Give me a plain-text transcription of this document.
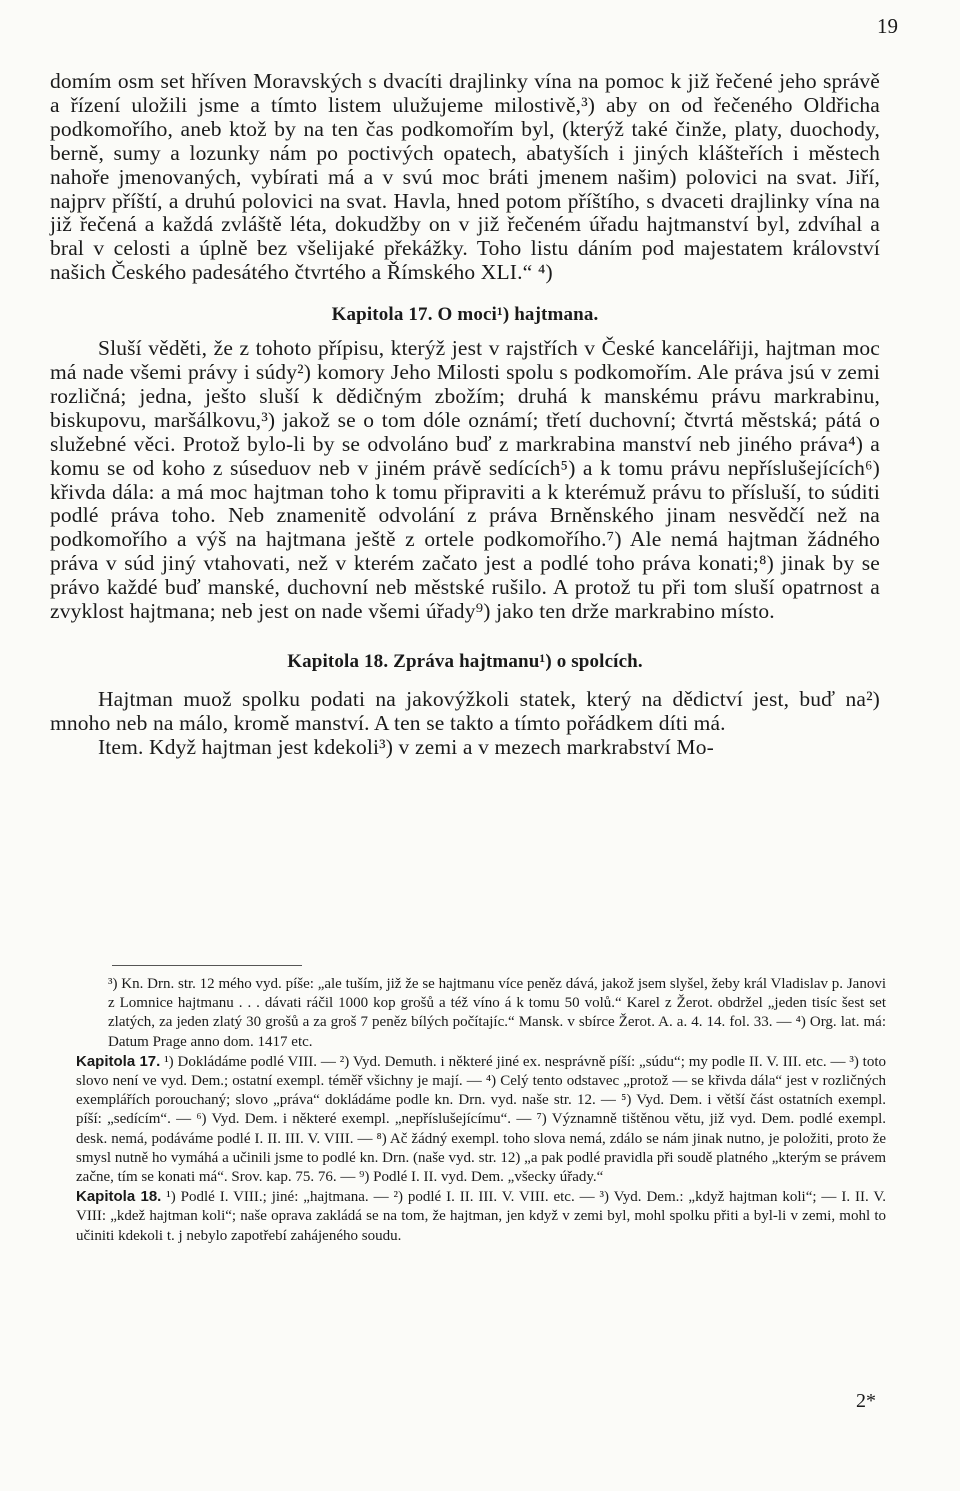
19

domím osm set hříven Moravských s dvacíti drajlinky vína na pomoc k již řečené jeho správě a řízení uložili jsme a tímto listem ulužujeme milostivě,³) aby on od řečeného Oldřicha podkomořího, aneb ktož by na ten čas podkomořím byl, (kterýž také činže, platy, duochody, berně, sumy a lozunky nám po poctivých opatech, abatyších i jiných klášteřích i městech nahoře jmenovaných, vybírati má a v svú moc bráti jmenem našim) polovici na svat. Jiří, najprv příští, a druhú polovici na svat. Havla, hned potom příštího, s dvaceti drajlinky vína na již řečená a každá zvláště léta, dokudžby on v již řečeném úřadu hajtmanství byl, zdvíhal a bral v celosti a úplně bez všelijaké překážky. Toho listu dáním pod majestatem království našich Českého padesátého čtvrtého a Římského XLI.“ ⁴)

Kapitola 17. O moci¹) hajtmana.

Sluší věděti, že z tohoto přípisu, kterýž jest v rajstřích v České kancelářiji, hajtman moc má nade všemi právy i súdy²) komory Jeho Milosti spolu s podkomořím. Ale práva jsú v zemi rozličná; jedna, ješto sluší k dědičným zbožím; druhá k manskému právu markrabinu, biskupovu, maršálkovu,³) jakož se o tom dóle oznámí; třetí duchovní; čtvrtá městská; pátá o služebné věci. Protož bylo-li by se odvoláno buď z markrabina manství neb jiného práva⁴) a komu se od koho z súseduov neb v jiném právě sedících⁵) a k tomu právu nepříslušejících⁶) křivda dála: a má moc hajtman toho k tomu připraviti a k kterémuž právu to přísluší, to súditi podlé práva toho. Neb znamenitě odvolání z práva Brněnského jinam nesvědčí než na podkomořího a výš na hajtmana ještě z ortele podkomořího.⁷) Ale nemá hajtman žádného práva v súd jiný vtahovati, než v kterém začato jest a podlé toho práva konati;⁸) jinak by se právo každé buď manské, duchovní neb městské rušilo. A protož tu při tom sluší opatrnost a zvyklost hajtmana; neb jest on nade všemi úřady⁹) jako ten drže markrabino místo.

Kapitola 18. Zpráva hajtmanu¹) o spolcích.

Hajtman muož spolku podati na jakovýžkoli statek, který na dědictví jest, buď na²) mnoho neb na málo, kromě manství. A ten se takto a tímto pořádkem díti má.

Item. Když hajtman jest kdekoli³) v zemi a v mezech markrabství Mo-

³) Kn. Drn. str. 12 mého vyd. píše: „ale tuším, již že se hajtmanu více peněz dává, jakož jsem slyšel, žeby král Vladislav p. Janovi z Lomnice hajtmanu . . . dávati ráčil 1000 kop grošů a též víno á k tomu 50 volů.“ Karel z Žerot. obdržel „jeden tisíc šest set zlatých, za jeden zlatý 30 grošů a za groš 7 peněz bílých počítajíc.“ Mansk. v sbírce Žerot. A. a. 4. 14. fol. 33. — ⁴) Org. lat. má: Datum Prage anno dom. 1417 etc.

Kapitola 17. ¹) Dokládáme podlé VIII. — ²) Vyd. Demuth. i některé jiné ex. nesprávně píší: „súdu“; my podle II. V. III. etc. — ³) toto slovo není ve vyd. Dem.; ostatní exempl. téměř všichny je mají. — ⁴) Celý tento odstavec „protož — se křivda dála“ jest v rozličných exemplářích porouchaný; slovo „práva“ dokládáme podle kn. Drn. vyd. naše str. 12. — ⁵) Vyd. Dem. i větší část ostatních exempl. píší: „sedícím“. — ⁶) Vyd. Dem. i některé exempl. „nepříslušejícímu“. — ⁷) Významně tištěnou větu, již vyd. Dem. podlé exempl. desk. nemá, podáváme podlé I. II. III. V. VIII. — ⁸) Ač žádný exempl. toho slova nemá, zdálo se nám jinak nutno, je položiti, proto že smysl nutně ho vymáhá a učinili jsme to podlé kn. Drn. (naše vyd. str. 12) „a pak podlé pravidla při soudě platného „kterým se právem začne, tím se konati má“. Srov. kap. 75. 76. — ⁹) Podlé I. II. vyd. Dem. „všecky úřady.“

Kapitola 18. ¹) Podlé I. VIII.; jiné: „hajtmana. — ²) podlé I. II. III. V. VIII. etc. — ³) Vyd. Dem.: „když hajtman koli“; — I. II. V. VIII: „kdež hajtman koli“; naše oprava zakládá se na tom, že hajtman, jen když v zemi byl, mohl spolku přiti a byl-li v zemi, mohl to učiniti kdekoli t. j nebylo zapotřebí zahájeného soudu.

2*
